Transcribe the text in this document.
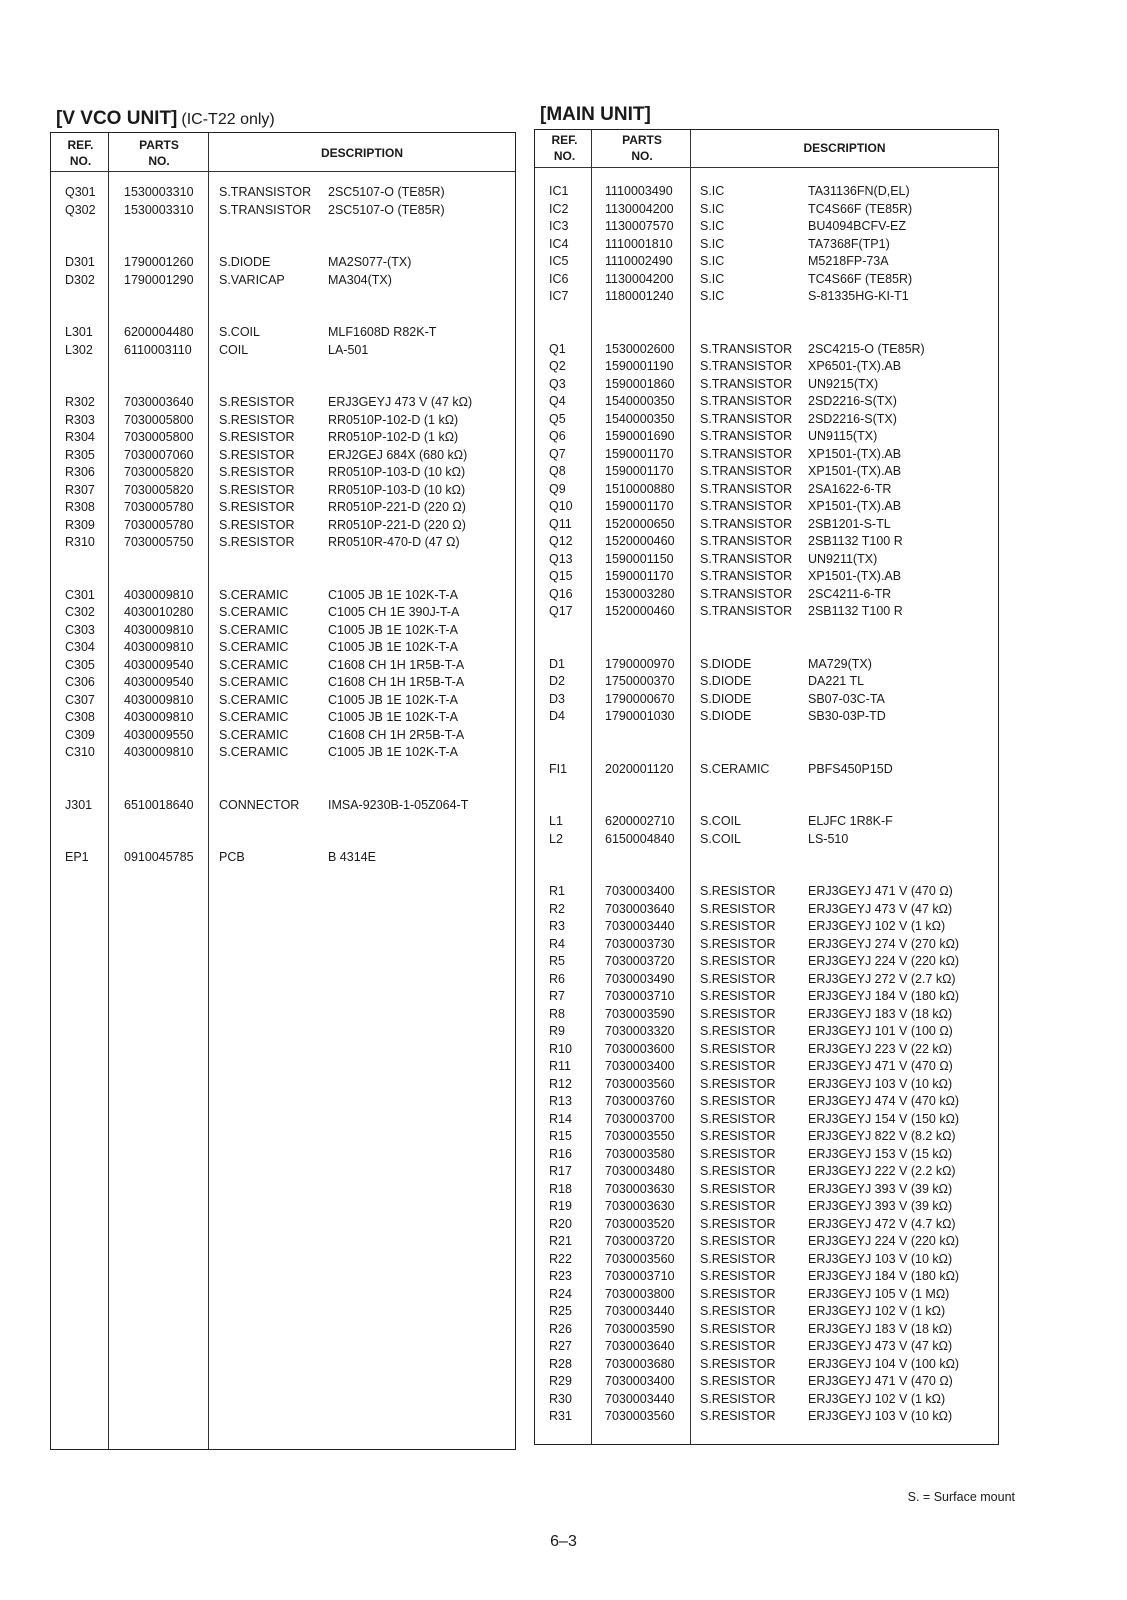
[V VCO UNIT] (IC-T22 only)
REF.
NO.
PARTS
NO.
DESCRIPTION
Q301 1530003310 S.TRANSISTOR 2SC5107-O (TE85R)
Q302 1530003310 S.TRANSISTOR 2SC5107-O (TE85R)
D301 1790001260 S.DIODE	MA2S077-(TX)
D302 1790001290 S.VARICAP	MA304(TX)
L301 6200004480 S.COIL	MLF1608D R82K-T
L302 6110003110 COIL	LA-501
R302 7030003640 S.RESISTOR	ERJ3GEYJ 473 V (47 kΩ)
R303 7030005800 S.RESISTOR	RR0510P-102-D (1 kΩ)
R304 7030005800 S.RESISTOR	RR0510P-102-D (1 kΩ)
R305 7030007060 S.RESISTOR	ERJ2GEJ 684X (680 kΩ)
R306 7030005820 S.RESISTOR	RR0510P-103-D (10 kΩ)
R307 7030005820 S.RESISTOR	RR0510P-103-D (10 kΩ)
R308 7030005780 S.RESISTOR	RR0510P-221-D (220 Ω)
R309 7030005780 S.RESISTOR	RR0510P-221-D (220 Ω)
R310 7030005750 S.RESISTOR	RR0510R-470-D (47 Ω)
C301 4030009810 S.CERAMIC	C1005 JB 1E 102K-T-A
C302 4030010280 S.CERAMIC	C1005 CH 1E 390J-T-A
C303 4030009810 S.CERAMIC	C1005 JB 1E 102K-T-A
C304 4030009810 S.CERAMIC	C1005 JB 1E 102K-T-A
C305 4030009540 S.CERAMIC	C1608 CH 1H 1R5B-T-A
C306 4030009540 S.CERAMIC	C1608 CH 1H 1R5B-T-A
C307 4030009810 S.CERAMIC	C1005 JB 1E 102K-T-A
C308 4030009810 S.CERAMIC	C1005 JB 1E 102K-T-A
C309 4030009550 S.CERAMIC	C1608 CH 1H 2R5B-T-A
C310 4030009810 S.CERAMIC	C1005 JB 1E 102K-T-A
J301	6510018640 CONNECTOR IMSA-9230B-1-05Z064-T
EP1	0910045785 PCB	B 4314E
[MAIN UNIT]
REF.
NO.
PARTS
NO.
DESCRIPTION
IC1	1110003490 S.IC	TA31136FN(D,EL)
IC2	1130004200 S.IC	TC4S66F (TE85R)
IC3	1130007570 S.IC	BU4094BCFV-EZ
IC4	1110001810 S.IC	TA7368F(TP1)
IC5	1110002490 S.IC	M5218FP-73A
IC6	1130004200 S.IC	TC4S66F (TE85R)
IC7	1180001240 S.IC	S-81335HG-KI-T1
Q1	1530002600 S.TRANSISTOR 2SC4215-O (TE85R)
Q2	1590001190 S.TRANSISTOR XP6501-(TX).AB
Q3	1590001860 S.TRANSISTOR UN9215(TX)
Q4	1540000350 S.TRANSISTOR 2SD2216-S(TX)
Q5	1540000350 S.TRANSISTOR 2SD2216-S(TX)
Q6	1590001690 S.TRANSISTOR UN9115(TX)
Q7	1590001170 S.TRANSISTOR XP1501-(TX).AB
Q8	1590001170 S.TRANSISTOR XP1501-(TX).AB
Q9	1510000880 S.TRANSISTOR 2SA1622-6-TR
Q10	1590001170 S.TRANSISTOR XP1501-(TX).AB
Q11	1520000650 S.TRANSISTOR 2SB1201-S-TL
Q12	1520000460 S.TRANSISTOR 2SB1132 T100 R
Q13	1590001150 S.TRANSISTOR UN9211(TX)
Q15	1590001170 S.TRANSISTOR XP1501-(TX).AB
Q16	1530003280 S.TRANSISTOR 2SC4211-6-TR
Q17	1520000460 S.TRANSISTOR 2SB1132 T100 R
D1	1790000970 S.DIODE	MA729(TX)
D2	1750000370 S.DIODE	DA221 TL
D3	1790000670 S.DIODE	SB07-03C-TA
D4	1790001030 S.DIODE	SB30-03P-TD
FI1	2020001120 S.CERAMIC	PBFS450P15D
L1	6200002710 S.COIL	ELJFC 1R8K-F
L2	6150004840 S.COIL	LS-510
R1	7030003400 S.RESISTOR	ERJ3GEYJ 471 V (470 Ω)
R2	7030003640 S.RESISTOR	ERJ3GEYJ 473 V (47 kΩ)
R3	7030003440 S.RESISTOR	ERJ3GEYJ 102 V (1 kΩ)
R4	7030003730 S.RESISTOR	ERJ3GEYJ 274 V (270 kΩ)
R5	7030003720 S.RESISTOR	ERJ3GEYJ 224 V (220 kΩ)
R6	7030003490 S.RESISTOR	ERJ3GEYJ 272 V (2.7 kΩ)
R7	7030003710 S.RESISTOR	ERJ3GEYJ 184 V (180 kΩ)
R8	7030003590 S.RESISTOR	ERJ3GEYJ 183 V (18 kΩ)
R9	7030003320 S.RESISTOR	ERJ3GEYJ 101 V (100 Ω)
R10	7030003600 S.RESISTOR	ERJ3GEYJ 223 V (22 kΩ)
R11	7030003400 S.RESISTOR	ERJ3GEYJ 471 V (470 Ω)
R12	7030003560 S.RESISTOR	ERJ3GEYJ 103 V (10 kΩ)
R13	7030003760 S.RESISTOR	ERJ3GEYJ 474 V (470 kΩ)
R14	7030003700 S.RESISTOR	ERJ3GEYJ 154 V (150 kΩ)
R15	7030003550 S.RESISTOR	ERJ3GEYJ 822 V (8.2 kΩ)
R16	7030003580 S.RESISTOR	ERJ3GEYJ 153 V (15 kΩ)
R17	7030003480 S.RESISTOR	ERJ3GEYJ 222 V (2.2 kΩ)
R18	7030003630 S.RESISTOR	ERJ3GEYJ 393 V (39 kΩ)
R19	7030003630 S.RESISTOR	ERJ3GEYJ 393 V (39 kΩ)
R20	7030003520 S.RESISTOR	ERJ3GEYJ 472 V (4.7 kΩ)
R21	7030003720 S.RESISTOR	ERJ3GEYJ 224 V (220 kΩ)
R22	7030003560 S.RESISTOR	ERJ3GEYJ 103 V (10 kΩ)
R23	7030003710 S.RESISTOR	ERJ3GEYJ 184 V (180 kΩ)
R24	7030003800 S.RESISTOR	ERJ3GEYJ 105 V (1 MΩ)
R25	7030003440 S.RESISTOR	ERJ3GEYJ 102 V (1 kΩ)
R26	7030003590 S.RESISTOR	ERJ3GEYJ 183 V (18 kΩ)
R27	7030003640 S.RESISTOR	ERJ3GEYJ 473 V (47 kΩ)
R28	7030003680 S.RESISTOR	ERJ3GEYJ 104 V (100 kΩ)
R29	7030003400 S.RESISTOR	ERJ3GEYJ 471 V (470 Ω)
R30	7030003440 S.RESISTOR	ERJ3GEYJ 102 V (1 kΩ)
R31	7030003560 S.RESISTOR	ERJ3GEYJ 103 V (10 kΩ)
S. = Surface mount
6–3
